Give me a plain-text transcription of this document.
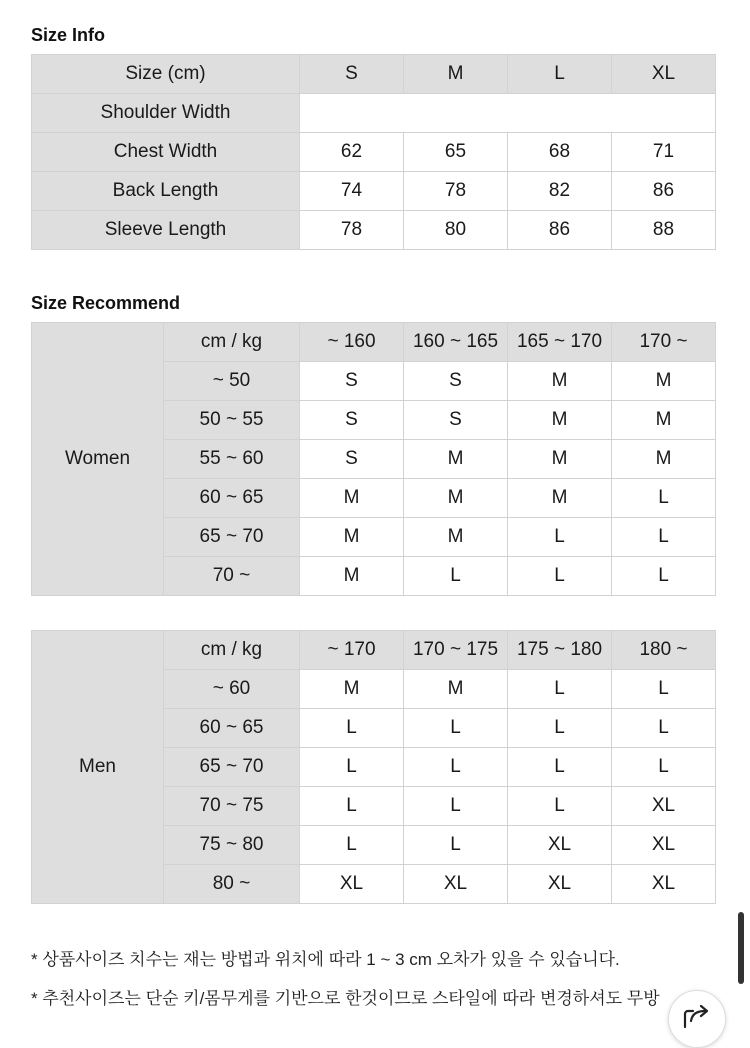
Size Info
Size (cm)	S	M	L	XL
Shoulder Width				
Chest Width	62	65	68	71
Back Length	74	78	82	86
Sleeve Length	78	80	86	88
Size Recommend
Women	cm / kg	~ 160	160 ~ 165	165 ~ 170	170 ~
	~ 50	S	S	M	M
	50 ~ 55	S	S	M	M
	55 ~ 60	S	M	M	M
	60 ~ 65	M	M	M	L
	65 ~ 70	M	M	L	L
	70 ~	M	L	L	L
Men	cm / kg	~ 170	170 ~ 175	175 ~ 180	180 ~
	~ 60	M	M	L	L
	60 ~ 65	L	L	L	L
	65 ~ 70	L	L	L	L
	70 ~ 75	L	L	L	XL
	75 ~ 80	L	L	XL	XL
	80 ~	XL	XL	XL	XL
* 상품사이즈 치수는 재는 방법과 위치에 따라 1 ~ 3 cm 오차가 있을 수 있습니다.
* 추천사이즈는 단순 키/몸무게를 기반으로 한것이므로 스타일에 따라 변경하셔도 무방
